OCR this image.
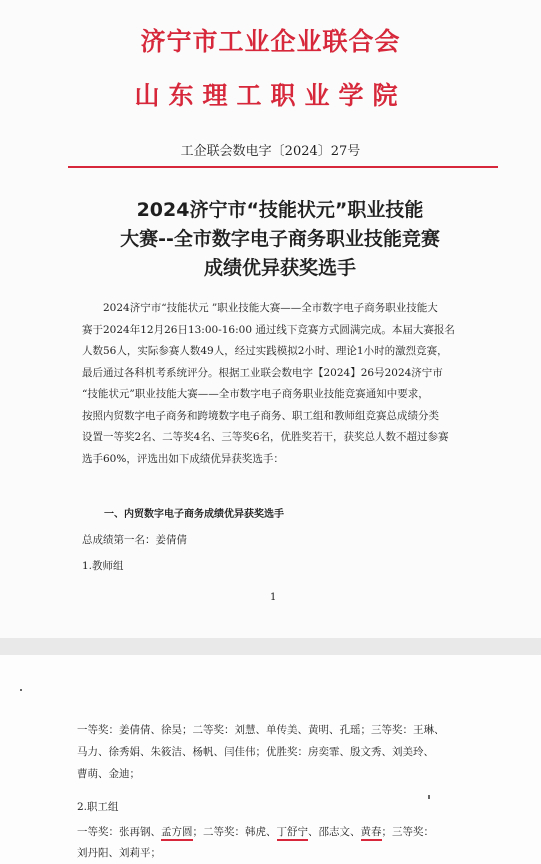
济宁市工业企业联合会
山东理工职业学院
工企联会数电字〔2024〕27号
2024济宁市“技能状元”职业技能
大赛--全市数字电子商务职业技能竞赛
成绩优异获奖选手
2024济宁市“技能状元 ”职业技能大赛——全市数字电子商务职业技能大
赛于2024年12月26日13:00-16:00 通过线下竞赛方式圆满完成。本届大赛报名
人数56人，实际参赛人数49人，经过实践模拟2小时、理论1小时的激烈竞赛，
最后通过各科机考系统评分。根据工业联会数电字【2024】26号2024济宁市
“技能状元”职业技能大赛——全市数字电子商务职业技能竞赛通知中要求，
按照内贸数字电子商务和跨境数字电子商务、职工组和教师组竞赛总成绩分类
设置一等奖2名、二等奖4名、三等奖6名，优胜奖若干，获奖总人数不超过参赛
选手60%，评选出如下成绩优异获奖选手：
一、内贸数字电子商务成绩优异获奖选手
总成绩第一名：姜倩倩
1.教师组
1
一等奖：姜倩倩、徐昊；二等奖：刘慧、单传美、黄明、孔瑶；三等奖：王琳、
马力、徐秀娟、朱筱洁、杨帆、闫佳伟；优胜奖：房奕霏、殷文秀、刘美玲、
曹萌、金迪；
2.职工组
一等奖：张再钢、孟方圆；二等奖：韩虎、丁舒宁、邵志文、黄春；三等奖：
刘丹阳、刘莉平；
